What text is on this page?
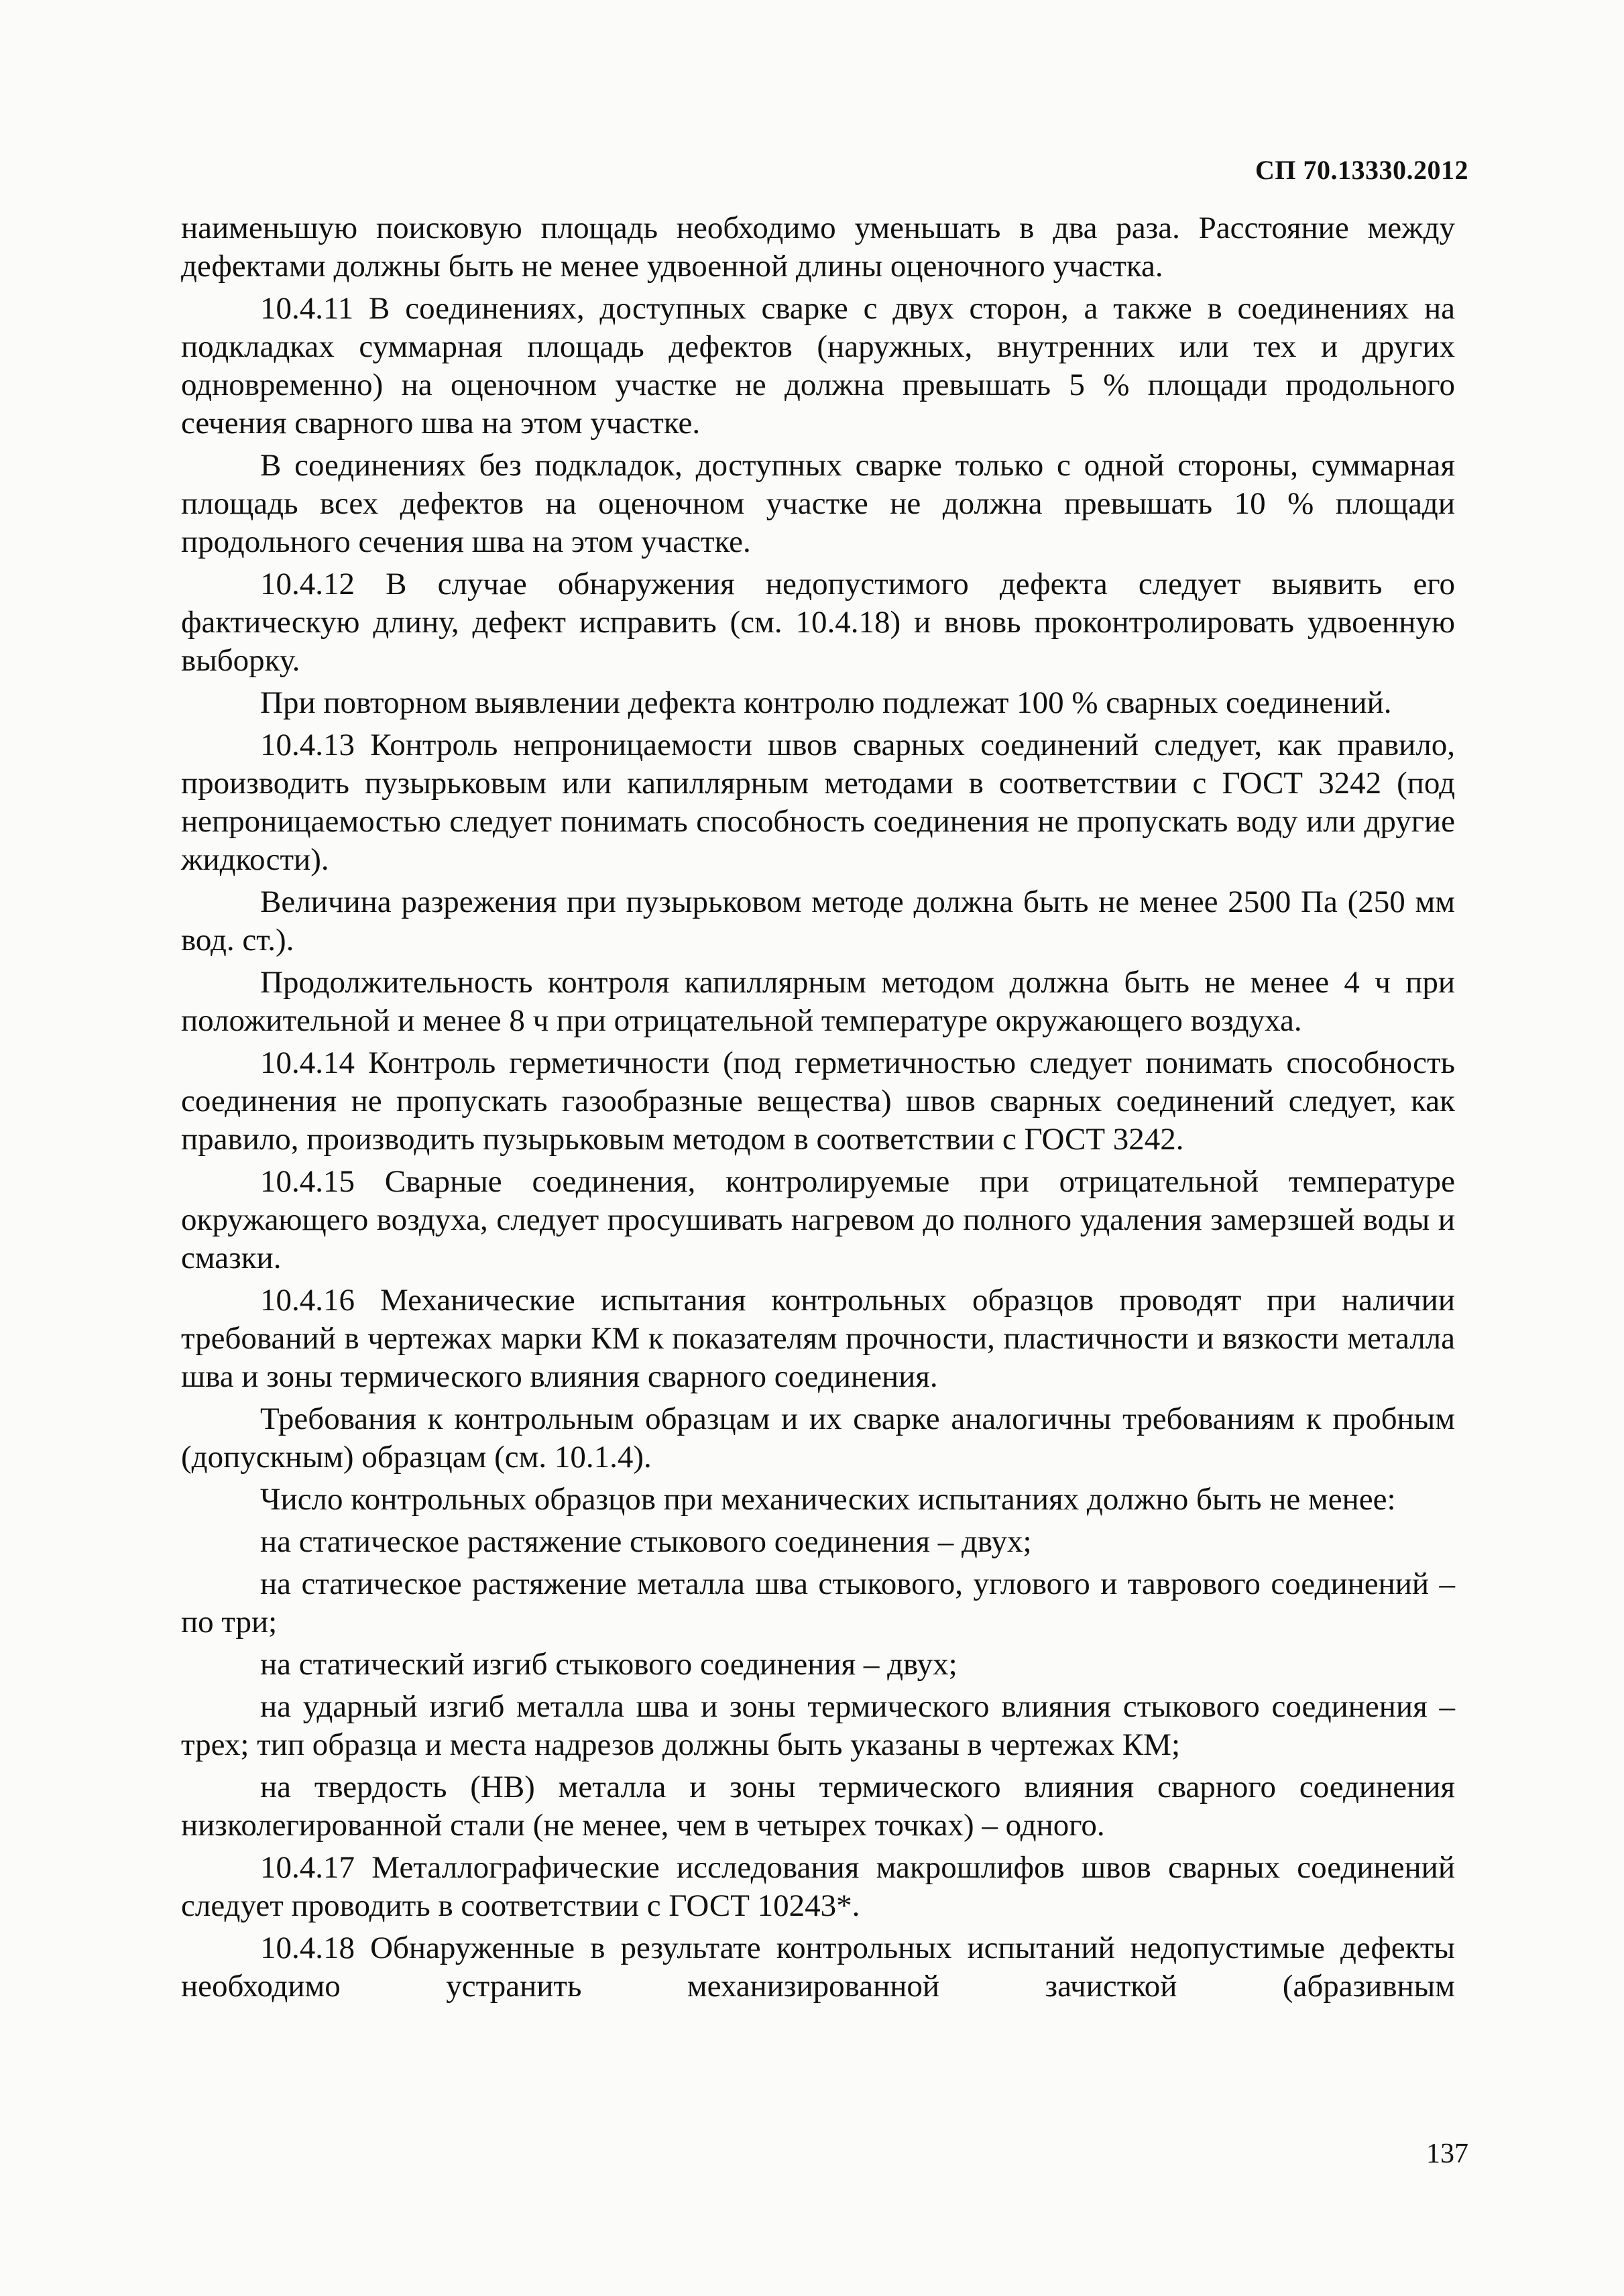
СП 70.13330.2012

наименьшую поисковую площадь необходимо уменьшать в два раза. Расстояние между дефектами должны быть не менее удвоенной длины оценочного участка.

10.4.11 В соединениях, доступных сварке с двух сторон, а также в соединениях на подкладках суммарная площадь дефектов (наружных, внутренних или тех и других одновременно) на оценочном участке не должна превышать 5 % площади продольного сечения сварного шва на этом участке.

В соединениях без подкладок, доступных сварке только с одной стороны, суммарная площадь всех дефектов на оценочном участке не должна превышать 10 % площади продольного сечения шва на этом участке.

10.4.12 В случае обнаружения недопустимого дефекта следует выявить его фактическую длину, дефект исправить (см. 10.4.18) и вновь проконтролировать удвоенную выборку.

При повторном выявлении дефекта контролю подлежат 100 % сварных соединений.

10.4.13 Контроль непроницаемости швов сварных соединений следует, как правило, производить пузырьковым или капиллярным методами в соответствии с ГОСТ 3242 (под непроницаемостью следует понимать способность соединения не пропускать воду или другие жидкости).

Величина разрежения при пузырьковом методе должна быть не менее 2500 Па (250 мм вод. ст.).

Продолжительность контроля капиллярным методом должна быть не менее 4 ч при положительной и менее 8 ч при отрицательной температуре окружающего воздуха.

10.4.14 Контроль герметичности (под герметичностью следует понимать способность соединения не пропускать газообразные вещества) швов сварных соединений следует, как правило, производить пузырьковым методом в соответствии с ГОСТ 3242.

10.4.15 Сварные соединения, контролируемые при отрицательной температуре окружающего воздуха, следует просушивать нагревом до полного удаления замерзшей воды и смазки.

10.4.16 Механические испытания контрольных образцов проводят при наличии требований в чертежах марки КМ к показателям прочности, пластичности и вязкости металла шва и зоны термического влияния сварного соединения.

Требования к контрольным образцам и их сварке аналогичны требованиям к пробным (допускным) образцам (см. 10.1.4).

Число контрольных образцов при механических испытаниях должно быть не менее:

на статическое растяжение стыкового соединения – двух;

на статическое растяжение металла шва стыкового, углового и таврового соединений – по три;

на статический изгиб стыкового соединения – двух;

на ударный изгиб металла шва и зоны термического влияния стыкового соединения – трех; тип образца и места надрезов должны быть указаны в чертежах КМ;

на твердость (НВ) металла и зоны термического влияния сварного соединения низколегированной стали (не менее, чем в четырех точках) – одного.

10.4.17 Металлографические исследования макрошлифов швов сварных соединений следует проводить в соответствии с ГОСТ 10243*.

10.4.18 Обнаруженные в результате контрольных испытаний недопустимые дефекты необходимо устранить механизированной зачисткой (абразивным

137
